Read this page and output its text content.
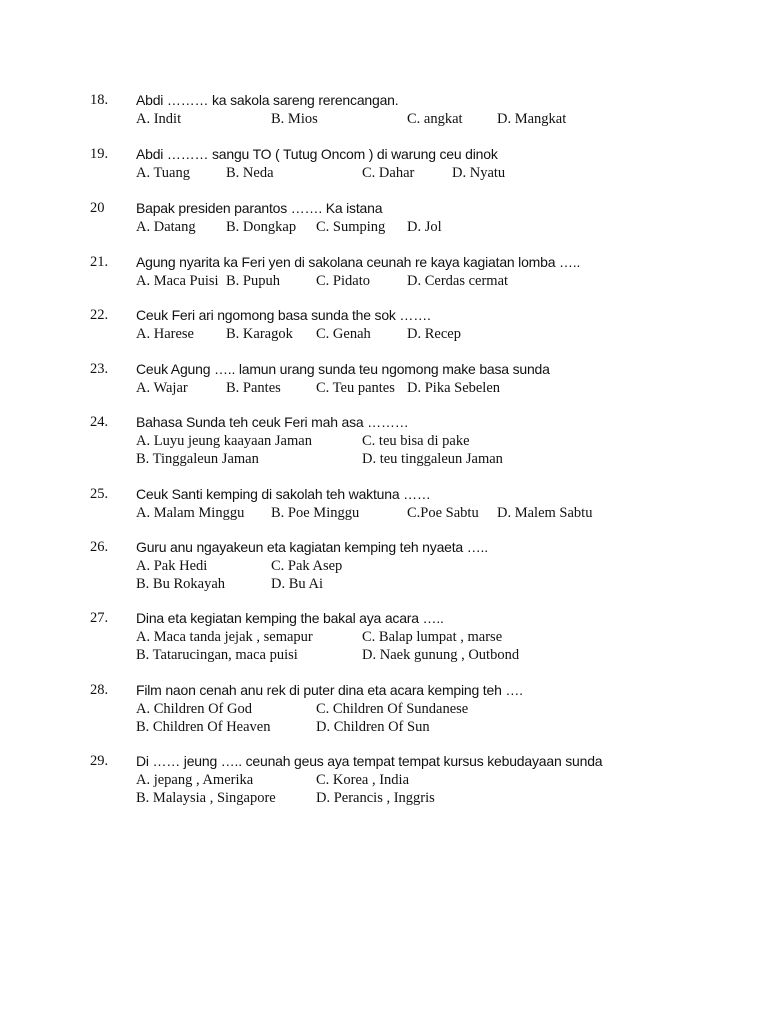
18. Abdi ……… ka sakola sareng rerencangan.
A. Indit	B. Mios	C. angkat D. Mangkat
19. Abdi ……… sangu TO ( Tutug Oncom ) di warung ceu dinok
A. Tuang B. Neda	C. Dahar	D. Nyatu
20 Bapak presiden parantos ……. Ka istana
A. Datang B. Dongkap C. Sumping D. Jol
21. Agung nyarita ka Feri yen di sakolana ceunah re kaya kagiatan lomba …..
A. Maca Puisi B. Pupuh C. Pidato	D. Cerdas cermat
22. Ceuk Feri ari ngomong basa sunda the sok …….
A. Harese B. Karagok C. Genah D. Recep
23. Ceuk Agung ….. lamun urang sunda teu ngomong make basa sunda
A. Wajar	B. Pantes C. Teu pantes D. Pika Sebelen
24. Bahasa Sunda teh ceuk Feri mah asa ………
A. Luyu jeung kaayaan Jaman	C. teu bisa di pake
B. Tinggaleun Jaman	D. teu tinggaleun Jaman
25. Ceuk Santi kemping di sakolah teh waktuna ……
A. Malam Minggu B. Poe Minggu	C.Poe Sabtu D. Malem Sabtu
26. Guru anu ngayakeun eta kagiatan kemping teh nyaeta …..
A. Pak Hedi	C. Pak Asep
B. Bu Rokayah	D. Bu Ai
27. Dina eta kegiatan kemping the bakal aya acara …..
A. Maca tanda jejak , semapur	C. Balap lumpat , marse
B. Tatarucingan, maca puisi	D. Naek gunung , Outbond
28. Film naon cenah anu rek di puter dina eta acara kemping teh ….
A. Children Of God	C. Children Of Sundanese
B. Children Of Heaven	D. Children Of Sun
29. Di …… jeung ….. ceunah geus aya tempat tempat kursus kebudayaan sunda
A. jepang , Amerika	C. Korea , India
B. Malaysia , Singapore	D. Perancis , Inggris
